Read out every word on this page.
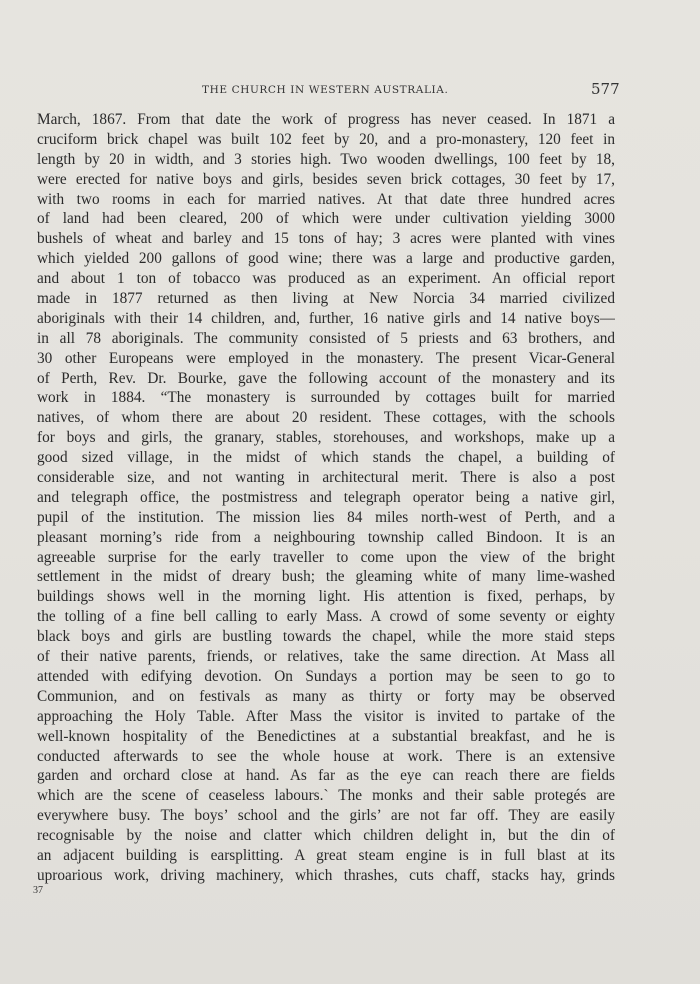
THE CHURCH IN WESTERN AUSTRALIA.	577
March, 1867. From that date the work of progress has never ceased. In 1871 a
cruciform brick chapel was built 102 feet by 20, and a pro-monastery, 120 feet in
length by 20 in width, and 3 stories high. Two wooden dwellings, 100 feet by 18,
were erected for native boys and girls, besides seven brick cottages, 30 feet by 17,
with two rooms in each for married natives. At that date three hundred acres
of land had been cleared, 200 of which were under cultivation yielding 3000
bushels of wheat and barley and 15 tons of hay; 3 acres were planted with vines
which yielded 200 gallons of good wine; there was a large and productive garden,
and about 1 ton of tobacco was produced as an experiment. An official report
made in 1877 returned as then living at New Norcia 34 married civilized
aboriginals with their 14 children, and, further, 16 native girls and 14 native boys—
in all 78 aboriginals. The community consisted of 5 priests and 63 brothers, and
30 other Europeans were employed in the monastery. The present Vicar-General
of Perth, Rev. Dr. Bourke, gave the following account of the monastery and its
work in 1884. “The monastery is surrounded by cottages built for married
natives, of whom there are about 20 resident. These cottages, with the schools
for boys and girls, the granary, stables, storehouses, and workshops, make up a
good sized village, in the midst of which stands the chapel, a building of
considerable size, and not wanting in architectural merit. There is also a post
and telegraph office, the postmistress and telegraph operator being a native girl,
pupil of the institution. The mission lies 84 miles north-west of Perth, and a
pleasant morning’s ride from a neighbouring township called Bindoon. It is an
agreeable surprise for the early traveller to come upon the view of the bright
settlement in the midst of dreary bush; the gleaming white of many lime-washed
buildings shows well in the morning light. His attention is fixed, perhaps, by
the tolling of a fine bell calling to early Mass. A crowd of some seventy or eighty
black boys and girls are bustling towards the chapel, while the more staid steps
of their native parents, friends, or relatives, take the same direction. At Mass all
attended with edifying devotion. On Sundays a portion may be seen to go to
Communion, and on festivals as many as thirty or forty may be observed
approaching the Holy Table. After Mass the visitor is invited to partake of the
well-known hospitality of the Benedictines at a substantial breakfast, and he is
conducted afterwards to see the whole house at work. There is an extensive
garden and orchard close at hand. As far as the eye can reach there are fields
which are the scene of ceaseless labours.` The monks and their sable protegés are
everywhere busy. The boys’ school and the girls’ are not far off. They are easily
recognisable by the noise and clatter which children delight in, but the din of
an adjacent building is earsplitting. A great steam engine is in full blast at its
uproarious work, driving machinery, which thrashes, cuts chaff, stacks hay, grinds
37
